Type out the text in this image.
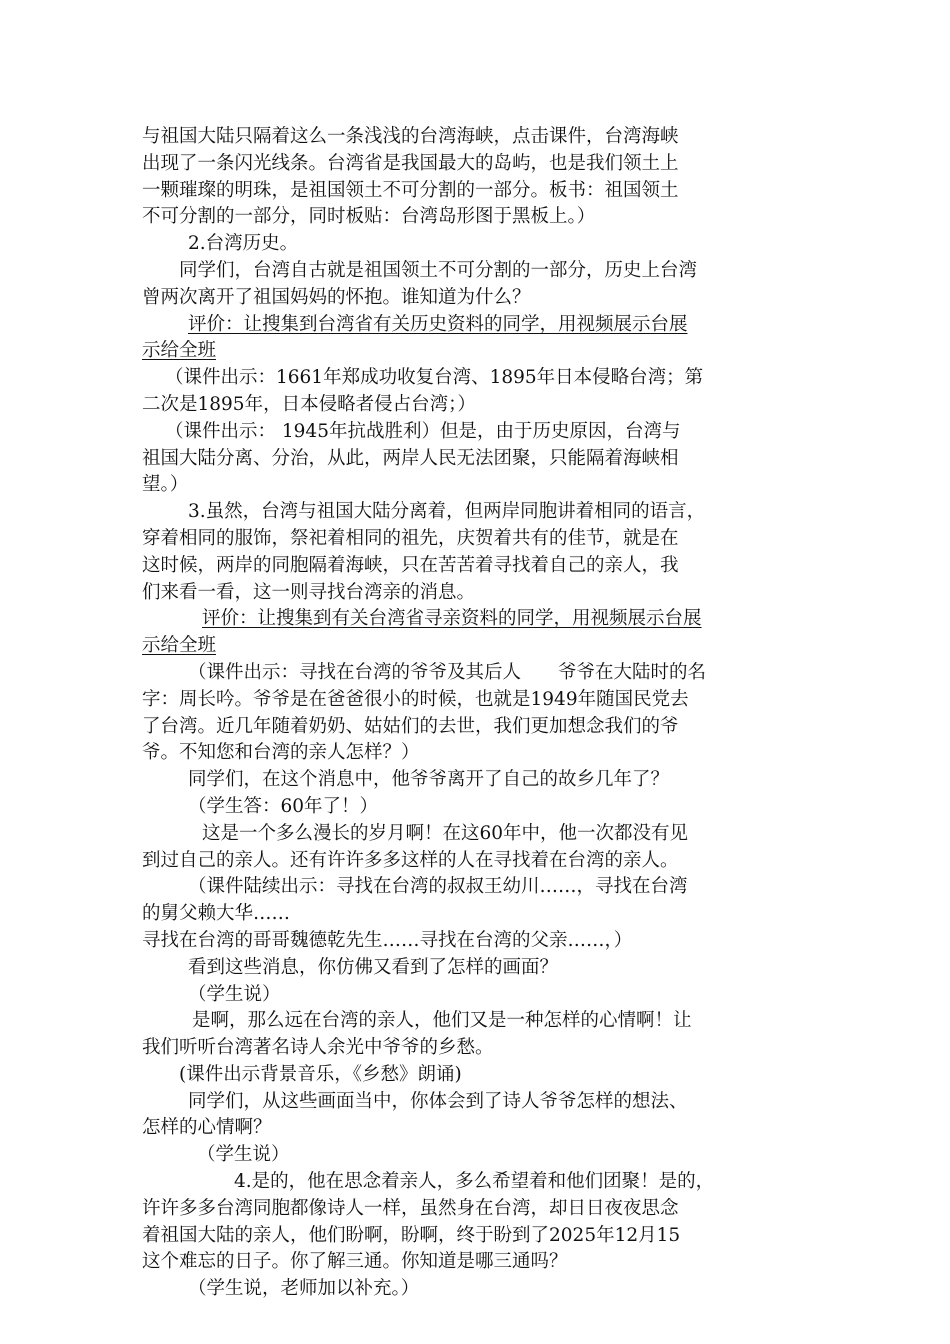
与祖国大陆只隔着这么一条浅浅的台湾海峡，点击课件，台湾海峡
出现了一条闪光线条。台湾省是我国最大的岛屿，也是我们领土上
一颗璀璨的明珠，是祖国领土不可分割的一部分。板书：祖国领土
不可分割的一部分，同时板贴：台湾岛形图于黑板上。）
2.台湾历史。
同学们，台湾自古就是祖国领土不可分割的一部分，历史上台湾
曾两次离开了祖国妈妈的怀抱。谁知道为什么？
评价：让搜集到台湾省有关历史资料的同学，用视频展示台展
示给全班
（课件出示：1661年郑成功收复台湾、1895年日本侵略台湾；第
二次是1895年，日本侵略者侵占台湾；）
（课件出示： 1945年抗战胜利）但是，由于历史原因，台湾与
祖国大陆分离、分治，从此，两岸人民无法团聚，只能隔着海峡相
望。）
3.虽然，台湾与祖国大陆分离着，但两岸同胞讲着相同的语言，
穿着相同的服饰，祭祀着相同的祖先，庆贺着共有的佳节，就是在
这时候，两岸的同胞隔着海峡，只在苦苦着寻找着自己的亲人，我
们来看一看，这一则寻找台湾亲的消息。
评价：让搜集到有关台湾省寻亲资料的同学，用视频展示台展
示给全班
（课件出示：寻找在台湾的爷爷及其后人　　爷爷在大陆时的名
字：周长吟。爷爷是在爸爸很小的时候，也就是1949年随国民党去
了台湾。近几年随着奶奶、姑姑们的去世，我们更加想念我们的爷
爷。不知您和台湾的亲人怎样？）
同学们，在这个消息中，他爷爷离开了自己的故乡几年了？
（学生答：60年了！）
这是一个多么漫长的岁月啊！在这60年中，他一次都没有见
到过自己的亲人。还有许许多多这样的人在寻找着在台湾的亲人。
（课件陆续出示：寻找在台湾的叔叔王幼川……，寻找在台湾
的舅父赖大华……
寻找在台湾的哥哥魏德乾先生……寻找在台湾的父亲……，）
看到这些消息，你仿佛又看到了怎样的画面？
（学生说）
是啊，那么远在台湾的亲人，他们又是一种怎样的心情啊！让
我们听听台湾著名诗人余光中爷爷的乡愁。
(课件出示背景音乐，《乡愁》朗诵)
同学们，从这些画面当中，你体会到了诗人爷爷怎样的想法、
怎样的心情啊？
（学生说）
4.是的，他在思念着亲人，多么希望着和他们团聚！是的，
许许多多台湾同胞都像诗人一样，虽然身在台湾，却日日夜夜思念
着祖国大陆的亲人，他们盼啊，盼啊，终于盼到了2025年12月15
这个难忘的日子。你了解三通。你知道是哪三通吗？
（学生说，老师加以补充。）
